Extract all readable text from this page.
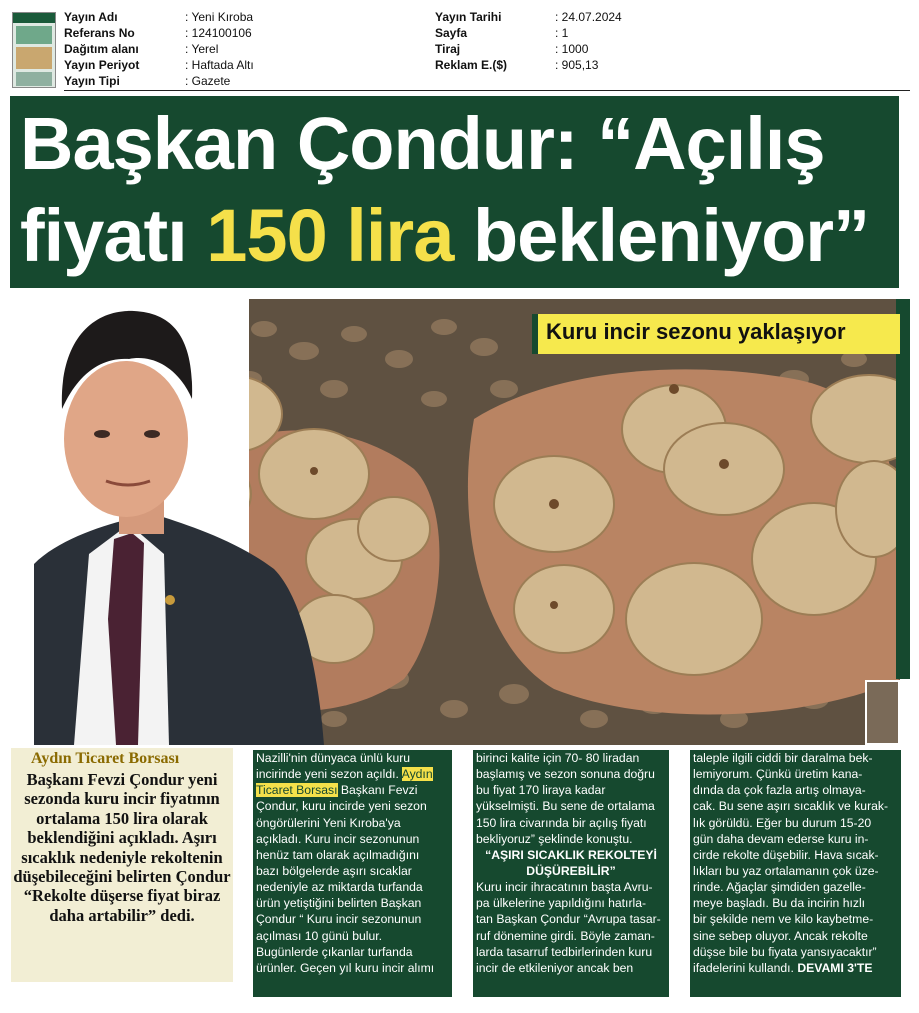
Yayın Adı	: Yeni Kıroba
Referans No	: 124100106
Dağıtım alanı	: Yerel
Yayın Periyot	: Haftada Altı
Yayın Tipi	: Gazete
Yayın Tarihi	: 24.07.2024
Sayfa	: 1
Tiraj	: 1000
Reklam E.($)	: 905,13
Başkan Çondur: “Açılış
fiyatı 150 lira bekleniyor”
Kuru incir sezonu yaklaşıyor
Aydın Ticaret Borsası
Başkanı Fevzi Çondur yeni sezonda kuru incir fiyatının ortalama 150 lira olarak beklendiğini açıkladı. Aşırı sıcaklık nedeniyle rekoltenin düşebileceğini belirten Çondur “Rekolte düşerse fiyat biraz daha artabilir” dedi.
Nazilli'nin dünyaca ünlü kuru
incirinde yeni sezon açıldı. Aydın
Ticaret Borsası Başkanı Fevzi
Çondur, kuru incirde yeni sezon
öngörülerini Yeni Kıroba'ya
açıkladı. Kuru incir sezonunun
henüz tam olarak açılmadığını
bazı bölgelerde aşırı sıcaklar
nedeniyle az miktarda turfanda
ürün yetiştiğini belirten Başkan
Çondur “ Kuru incir sezonunun
açılması 10 günü bulur.
Bugünlerde çıkanlar turfanda
ürünler. Geçen yıl kuru incir alımı
birinci kalite için 70- 80 liradan
başlamış ve sezon sonuna doğru
bu fiyat 170 liraya kadar
yükselmişti. Bu sene de ortalama
150 lira civarında bir açılış fiyatı
bekliyoruz” şeklinde konuştu.
“AŞIRI SICAKLIK REKOLTEYİ
DÜŞÜREBİLİR”
Kuru incir ihracatının başta Avru-
pa ülkelerine yapıldığını hatırla-
tan Başkan Çondur “Avrupa tasar-
ruf dönemine girdi. Böyle zaman-
larda tasarruf tedbirlerinden kuru
incir de etkileniyor ancak ben
taleple ilgili ciddi bir daralma bek-
lemiyorum. Çünkü üretim kana-
dında da çok fazla artış olmaya-
cak. Bu sene aşırı sıcaklık ve kurak-
lık görüldü. Eğer bu durum 15-20
gün daha devam ederse kuru in-
cirde rekolte düşebilir. Hava sıcak-
lıkları bu yaz ortalamanın çok üze-
rinde. Ağaçlar şimdiden gazelle-
meye başladı. Bu da incirin hızlı
bir şekilde nem ve kilo kaybetme-
sine sebep oluyor. Ancak rekolte
düşse bile bu fiyata yansıyacaktır”
ifadelerini kullandı. DEVAMI 3'TE
